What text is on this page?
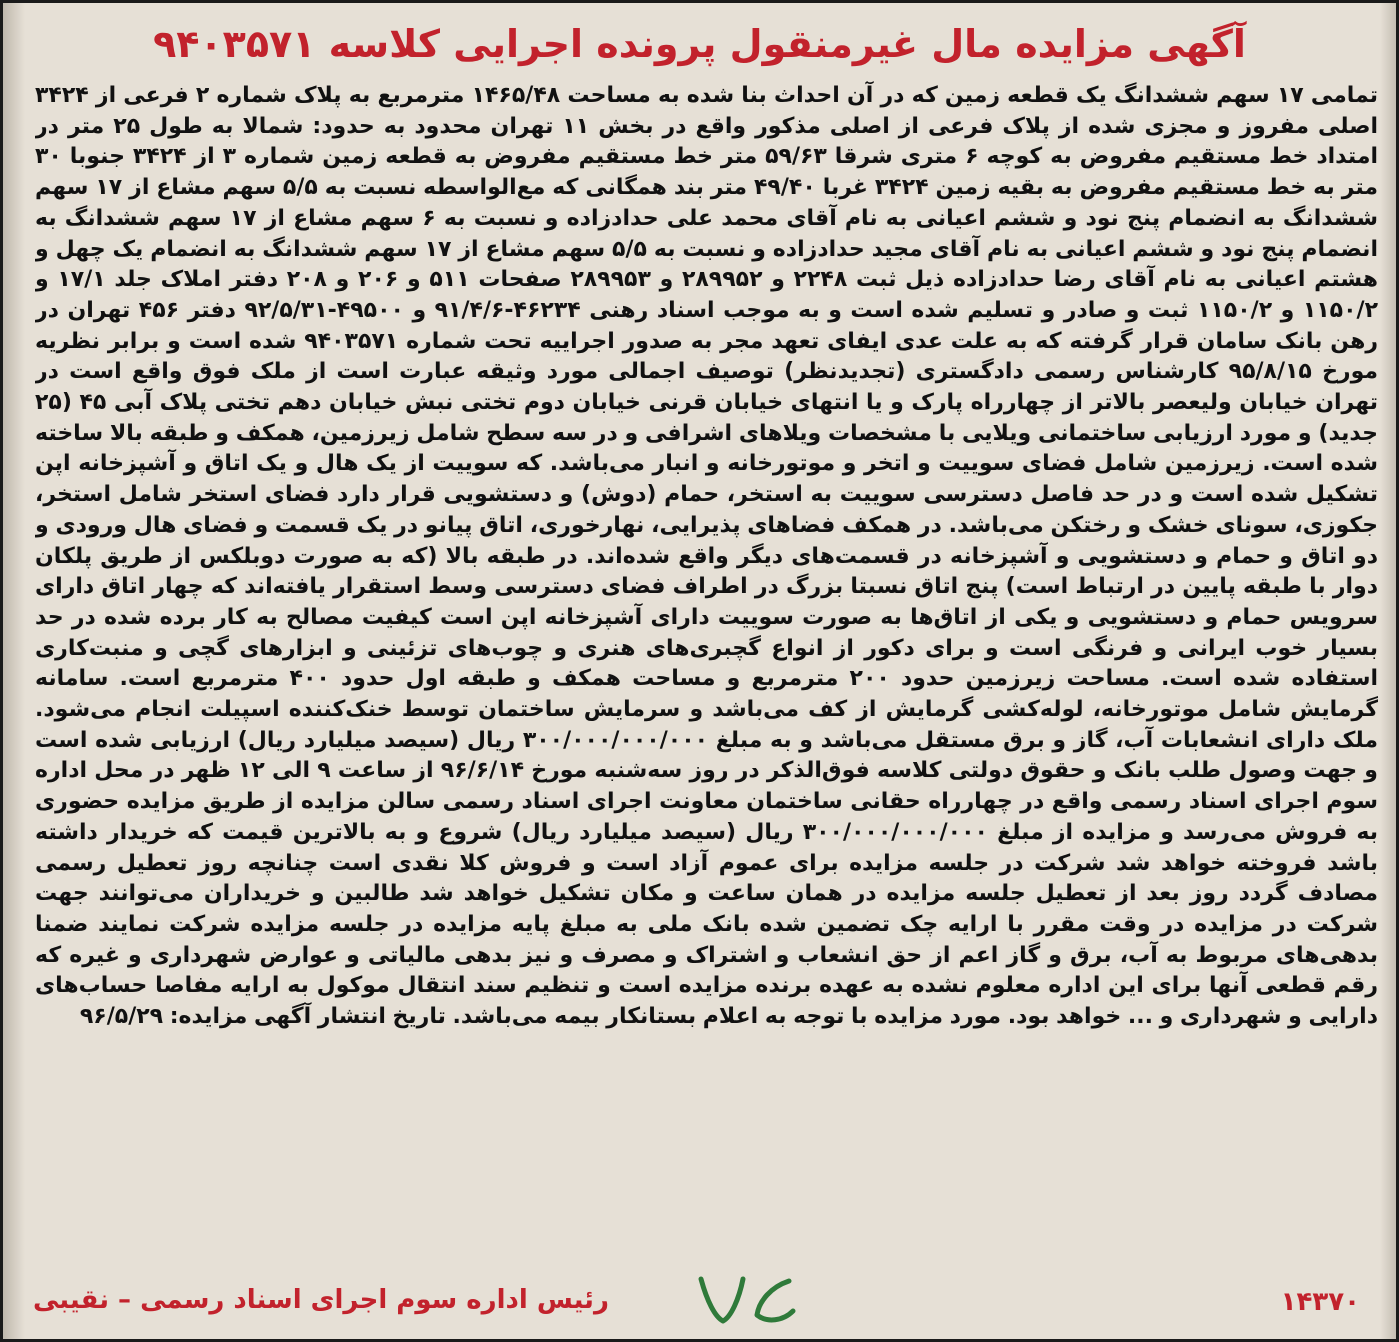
آگهی مزایده مال غیرمنقول پرونده اجرایی کلاسه ۹۴۰۳۵۷۱

تمامی ۱۷ سهم ششدانگ یک قطعه زمین که در آن احداث بنا شده به مساحت ۱۴۶۵/۴۸ مترمربع به پلاک شماره ۲ فرعی از ۳۴۲۴ اصلی مفروز و مجزی شده از پلاک فرعی از اصلی مذکور واقع در بخش ۱۱ تهران محدود به حدود: شمالا به طول ۲۵ متر در امتداد خط مستقیم مفروض به کوچه ۶ متری شرقا ۵۹/۶۳ متر خط مستقیم مفروض به قطعه زمین شماره ۳ از ۳۴۲۴ جنوبا ۳۰ متر به خط مستقیم مفروض به بقیه زمین ۳۴۲۴ غربا ۴۹/۴۰ متر بند همگانی که مع‌الواسطه نسبت به ۵/۵ سهم مشاع از ۱۷ سهم ششدانگ به انضمام پنج نود و ششم اعیانی به نام آقای محمد علی حدادزاده و نسبت به ۶ سهم مشاع از ۱۷ سهم ششدانگ به انضمام پنج نود و ششم اعیانی به نام آقای مجید حدادزاده و نسبت به ۵/۵ سهم مشاع از ۱۷ سهم ششدانگ به انضمام یک چهل و هشتم اعیانی به نام آقای رضا حدادزاده ذیل ثبت ۲۲۴۸ و ۲۸۹۹۵۲ و ۲۸۹۹۵۳ صفحات ۵۱۱ و ۲۰۶ و ۲۰۸ دفتر املاک جلد ۱۷/۱ و ۱۱۵۰/۲ و ۱۱۵۰/۲ ثبت و صادر و تسلیم شده است و به موجب اسناد رهنی ۴۶۲۳۴-۹۱/۴/۶ و ۴۹۵۰۰-۹۲/۵/۳۱ دفتر ۴۵۶ تهران در رهن بانک سامان قرار گرفته که به علت عدی ایفای تعهد مجر به صدور اجراییه تحت شماره ۹۴۰۳۵۷۱ شده است و برابر نظریه مورخ ۹۵/۸/۱۵ کارشناس رسمی دادگستری (تجدیدنظر) توصیف اجمالی مورد وثیقه عبارت است از ملک فوق واقع است در تهران خیابان ولیعصر بالاتر از چهارراه پارک و یا انتهای خیابان قرنی خیابان دوم تختی نبش خیابان دهم تختی پلاک آبی ۴۵ (۲۵ جدید) و مورد ارزیابی ساختمانی ویلایی با مشخصات ویلاهای اشرافی و در سه سطح شامل زیرزمین، همکف و طبقه بالا ساخته شده است. زیرزمین شامل فضای سوییت و اتخر و موتورخانه و انبار می‌باشد. که سوییت از یک هال و یک اتاق و آشپزخانه اپن تشکیل شده است و در حد فاصل دسترسی سوییت به استخر، حمام (دوش) و دستشویی قرار دارد فضای استخر شامل استخر، جکوزی، سونای خشک و رختکن می‌باشد. در همکف فضاهای پذیرایی، نهارخوری، اتاق پیانو در یک قسمت و فضای هال ورودی و دو اتاق و حمام و دستشویی و آشپزخانه در قسمت‌های دیگر واقع شده‌اند. در طبقه بالا (که به صورت دوبلکس از طریق پلکان دوار با طبقه پایین در ارتباط است) پنج اتاق نسبتا بزرگ در اطراف فضای دسترسی وسط استقرار یافته‌اند که چهار اتاق دارای سرویس حمام و دستشویی و یکی از اتاق‌ها به صورت سوییت دارای آشپزخانه اپن است کیفیت مصالح به کار برده شده در حد بسیار خوب ایرانی و فرنگی است و برای دکور از انواع گچبری‌های هنری و چوب‌های تزئینی و ابزارهای گچی و منبت‌کاری استفاده شده است. مساحت زیرزمین حدود ۲۰۰ مترمربع و مساحت همکف و طبقه اول حدود ۴۰۰ مترمربع است. سامانه گرمایش شامل موتورخانه، لوله‌کشی گرمایش از کف می‌باشد و سرمایش ساختمان توسط خنک‌کننده اسپیلت انجام می‌شود. ملک دارای انشعابات آب، گاز و برق مستقل می‌باشد و به مبلغ ۳۰۰/۰۰۰/۰۰۰/۰۰۰ ریال (سیصد میلیارد ریال) ارزیابی شده است و جهت وصول طلب بانک و حقوق دولتی کلاسه فوق‌الذکر در روز سه‌شنبه مورخ ۹۶/۶/۱۴ از ساعت ۹ الی ۱۲ ظهر در محل اداره سوم اجرای اسناد رسمی واقع در چهارراه حقانی ساختمان معاونت اجرای اسناد رسمی سالن مزایده از طریق مزایده حضوری به فروش می‌رسد و مزایده از مبلغ ۳۰۰/۰۰۰/۰۰۰/۰۰۰ ریال (سیصد میلیارد ریال) شروع و به بالاترین قیمت که خریدار داشته باشد فروخته خواهد شد شرکت در جلسه مزایده برای عموم آزاد است و فروش کلا نقدی است چنانچه روز تعطیل رسمی مصادف گردد روز بعد از تعطیل جلسه مزایده در همان ساعت و مکان تشکیل خواهد شد طالبین و خریداران می‌توانند جهت شرکت در مزایده در وقت مقرر با ارایه چک تضمین شده بانک ملی به مبلغ پایه مزایده در جلسه مزایده شرکت نمایند ضمنا بدهی‌های مربوط به آب، برق و گاز اعم از حق انشعاب و اشتراک و مصرف و نیز بدهی مالیاتی و عوارض شهرداری و غیره که رقم قطعی آنها برای این اداره معلوم نشده به عهده برنده مزایده است و تنظیم سند انتقال موکول به ارایه مفاصا حساب‌های دارایی و شهرداری و ... خواهد بود. مورد مزایده با توجه به اعلام بستانکار بیمه می‌باشد. تاریخ انتشار آگهی مزایده: ۹۶/۵/۲۹

رئیس اداره سوم اجرای اسناد رسمی – نقیبی	۱۴۳۷۰
